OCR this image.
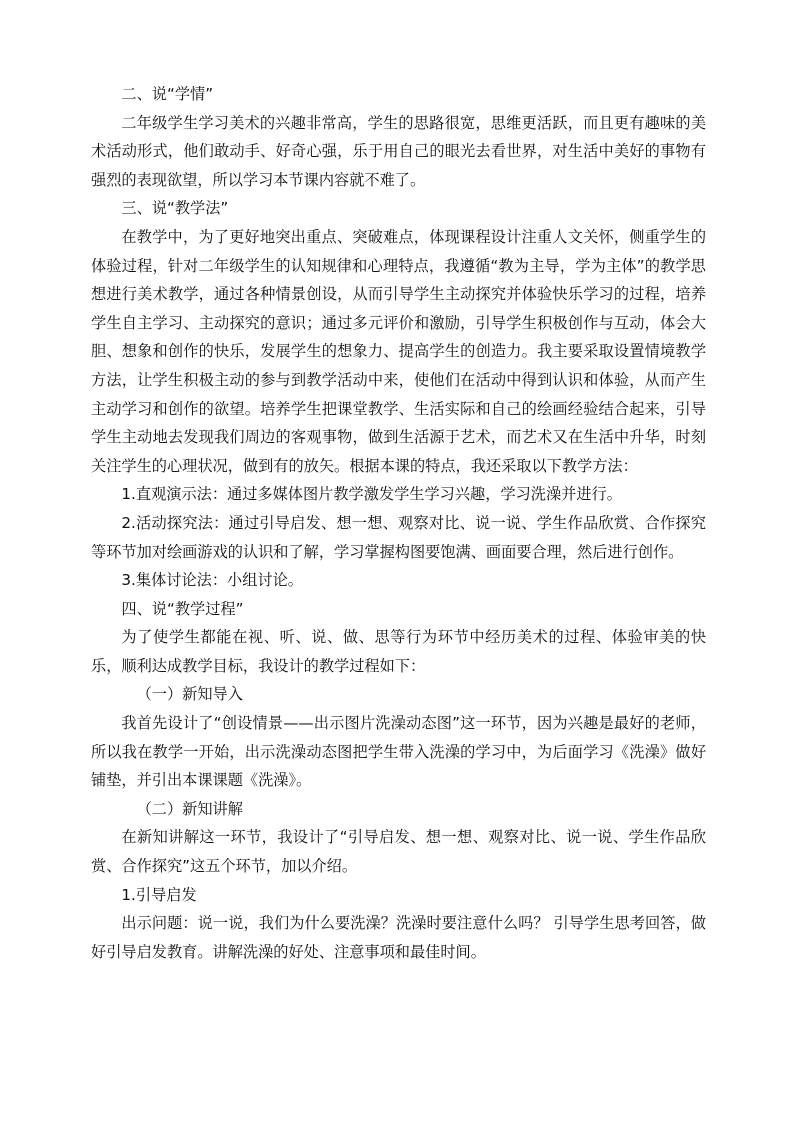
二、说“学情”

二年级学生学习美术的兴趣非常高，学生的思路很宽，思维更活跃，而且更有趣味的美术活动形式，他们敢动手、好奇心强，乐于用自己的眼光去看世界，对生活中美好的事物有强烈的表现欲望，所以学习本节课内容就不难了。

三、说“教学法”

在教学中，为了更好地突出重点、突破难点，体现课程设计注重人文关怀，侧重学生的体验过程，针对二年级学生的认知规律和心理特点，我遵循“教为主导，学为主体”的教学思想进行美术教学，通过各种情景创设，从而引导学生主动探究并体验快乐学习的过程，培养学生自主学习、主动探究的意识；通过多元评价和激励，引导学生积极创作与互动，体会大胆、想象和创作的快乐，发展学生的想象力、提高学生的创造力。我主要采取设置情境教学方法，让学生积极主动的参与到教学活动中来，使他们在活动中得到认识和体验，从而产生主动学习和创作的欲望。培养学生把课堂教学、生活实际和自己的绘画经验结合起来，引导学生主动地去发现我们周边的客观事物，做到生活源于艺术，而艺术又在生活中升华，时刻关注学生的心理状况，做到有的放矢。根据本课的特点，我还采取以下教学方法：

1.直观演示法：通过多媒体图片教学激发学生学习兴趣，学习洗澡并进行。

2.活动探究法：通过引导启发、想一想、观察对比、说一说、学生作品欣赏、合作探究等环节加对绘画游戏的认识和了解，学习掌握构图要饱满、画面要合理，然后进行创作。

3.集体讨论法：小组讨论。

四、说“教学过程”

为了使学生都能在视、听、说、做、思等行为环节中经历美术的过程、体验审美的快乐，顺利达成教学目标，我设计的教学过程如下：

（一）新知导入

我首先设计了“创设情景——出示图片洗澡动态图”这一环节，因为兴趣是最好的老师，所以我在教学一开始，出示洗澡动态图把学生带入洗澡的学习中，为后面学习《洗澡》做好铺垫，并引出本课课题《洗澡》。

（二）新知讲解

在新知讲解这一环节，我设计了“引导启发、想一想、观察对比、说一说、学生作品欣赏、合作探究”这五个环节，加以介绍。

1.引导启发

出示问题：说一说，我们为什么要洗澡？洗澡时要注意什么吗？ 引导学生思考回答，做好引导启发教育。讲解洗澡的好处、注意事项和最佳时间。
